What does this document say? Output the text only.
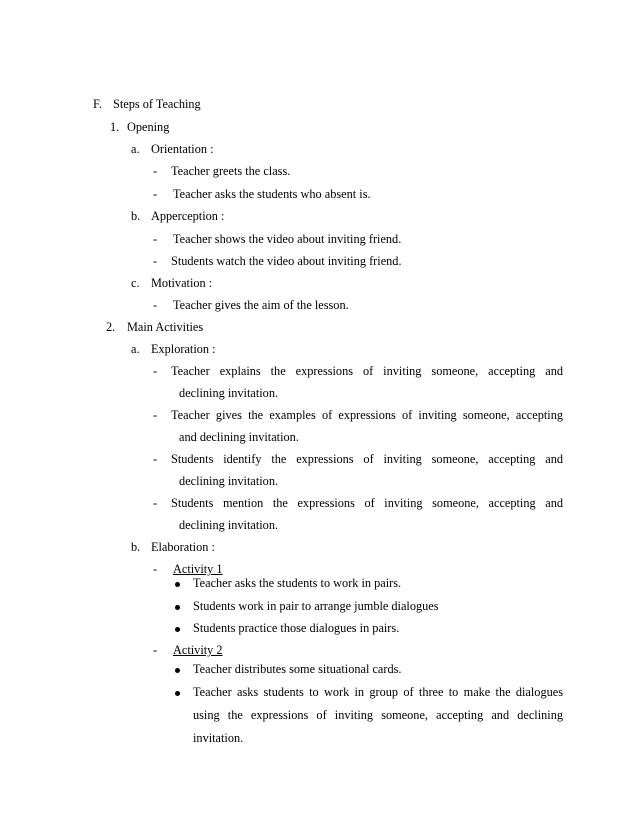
F. Steps of Teaching
1. Opening
a. Orientation :
- Teacher greets the class.
- Teacher asks the students who absent is.
b. Apperception :
- Teacher shows the video about inviting friend.
- Students watch the video about inviting friend.
c. Motivation :
- Teacher gives the aim of the lesson.
2. Main Activities
a. Exploration :
- Teacher explains the expressions of inviting someone, accepting and
declining invitation.
- Teacher gives the examples of expressions of inviting someone, accepting
and declining invitation.
- Students identify the expressions of inviting someone, accepting and
declining invitation.
- Students mention the expressions of inviting someone, accepting and
declining invitation.
b. Elaboration :
- Activity 1
Teacher asks the students to work in pairs.
Students work in pair to arrange jumble dialogues
Students practice those dialogues in pairs.
- Activity 2
Teacher distributes some situational cards.
Teacher asks students to work in group of three to make the dialogues
using the expressions of inviting someone, accepting and declining
invitation.
